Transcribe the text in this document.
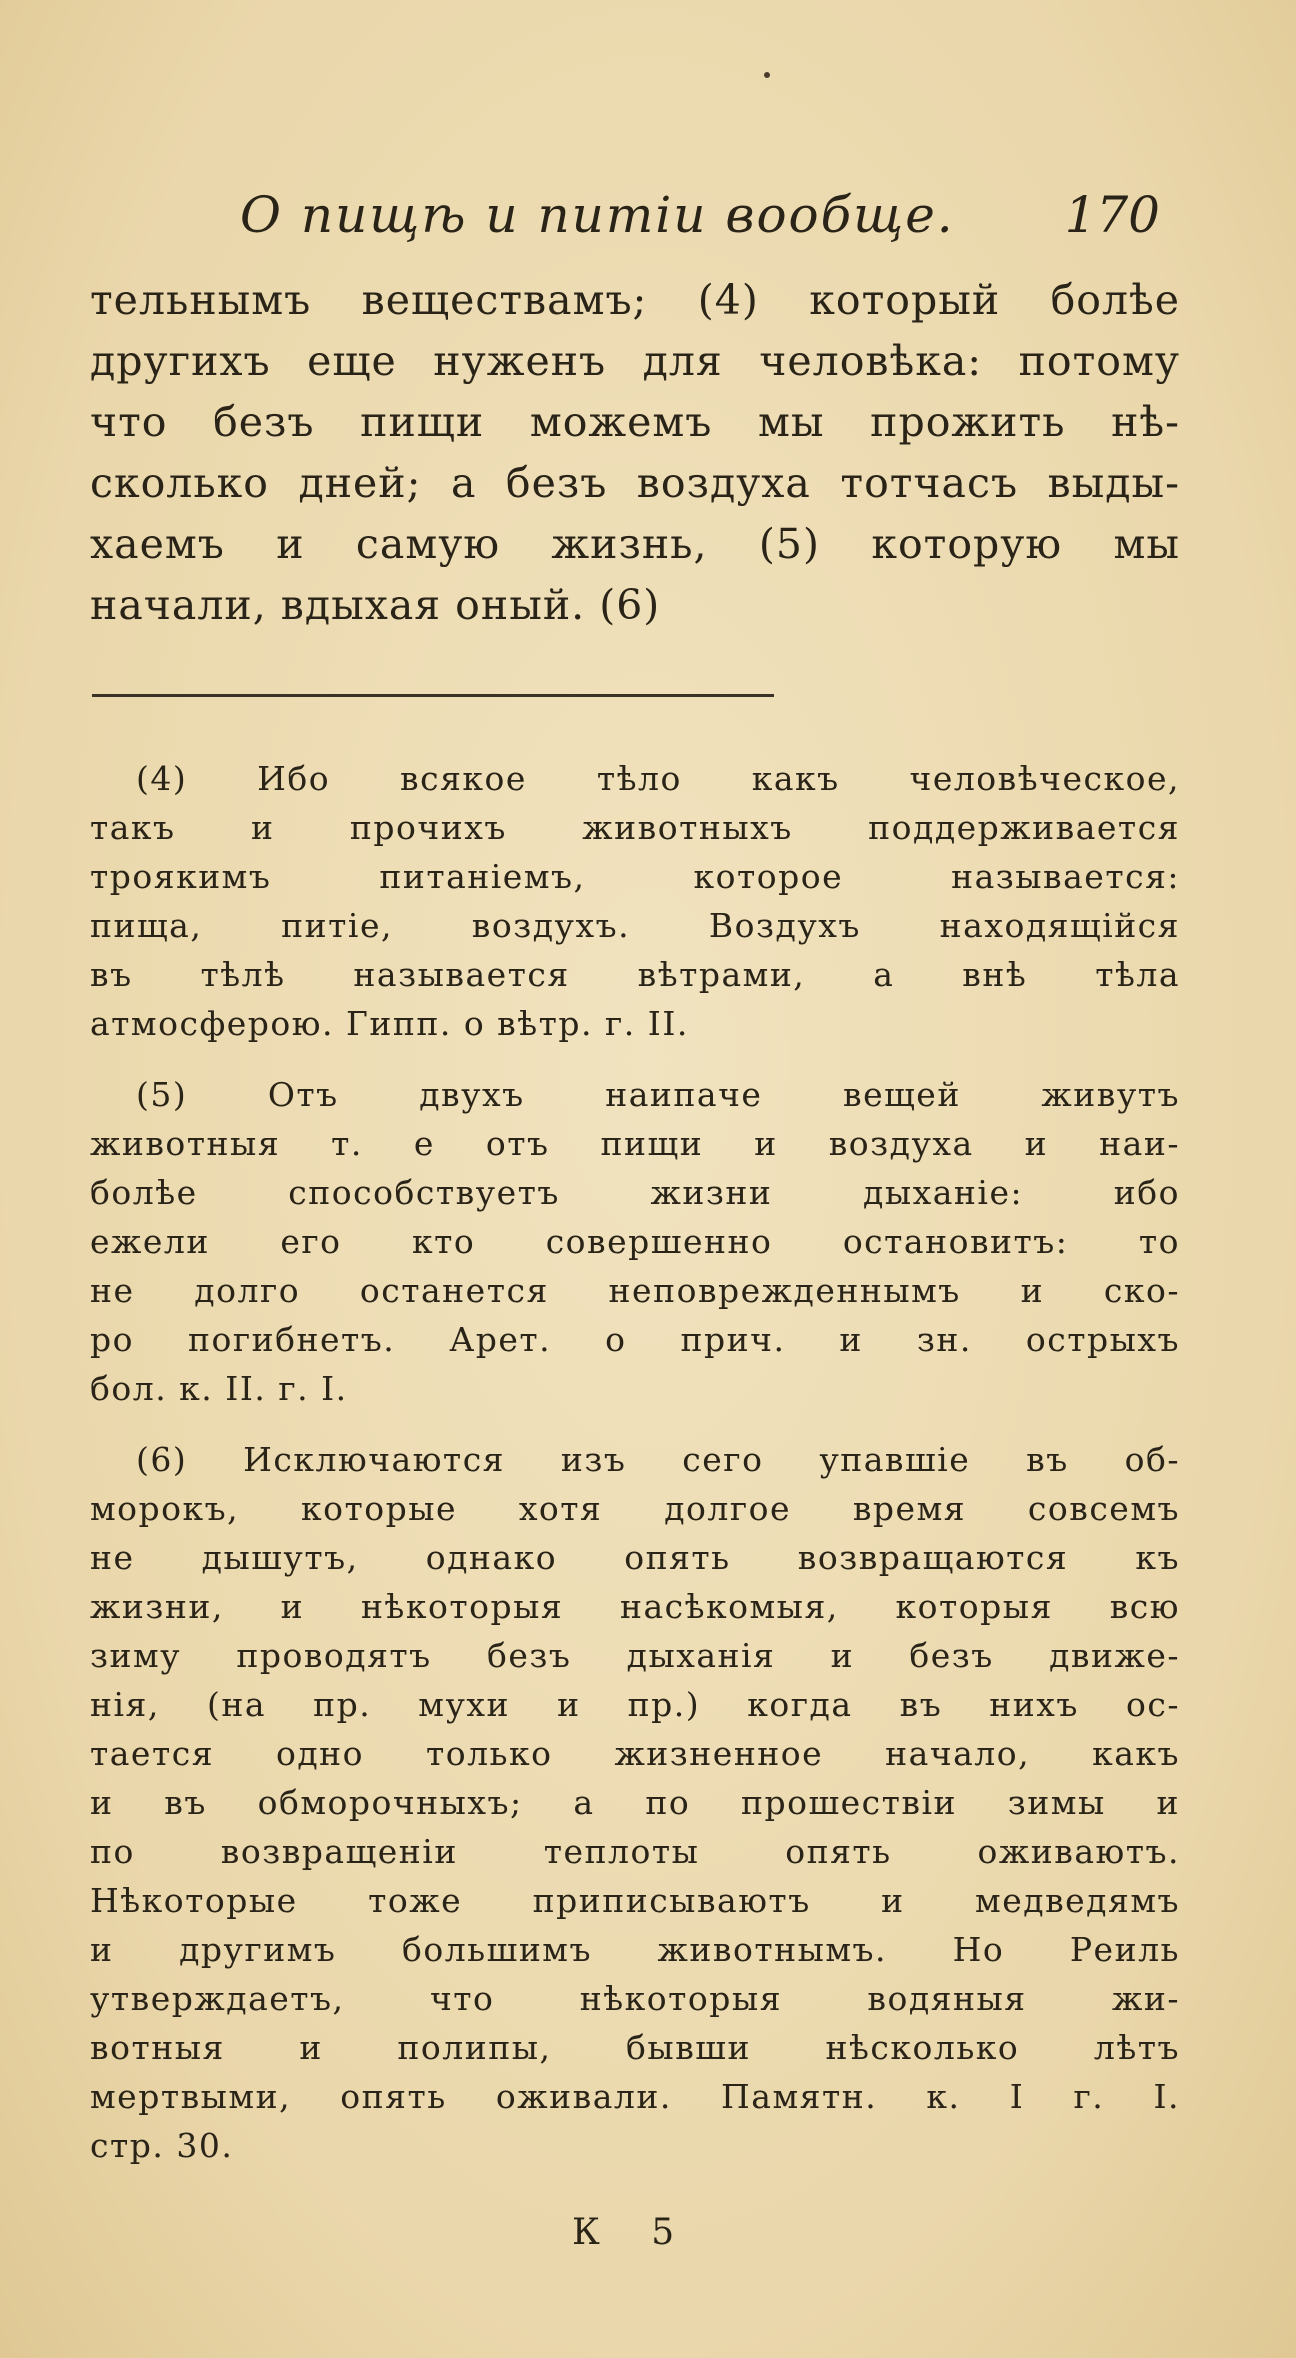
О пищѣ и питіи вообще. 170
тельнымъ веществамъ; (4) который болѣе
другихъ еще нуженъ для человѣка: потому
что безъ пищи можемъ мы прожить нѣ-
сколько дней; а безъ воздуха тотчасъ выды-
хаемъ и самую жизнь, (5) которую мы
начали, вдыхая оный. (6)
(4) Ибо всякое тѣло какъ человѣческое,
такъ и прочихъ животныхъ поддерживается
троякимъ питаніемъ, которое называется:
пища, питіе, воздухъ. Воздухъ находящійся
въ тѣлѣ называется вѣтрами, а внѣ тѣла
атмосферою. Гипп. о вѣтр. г. II.
(5) Отъ двухъ наипаче вещей живутъ
животныя т. е отъ пищи и воздуха и наи-
болѣе способствуетъ жизни дыханіе: ибо
ежели его кто совершенно остановитъ: то
не долго останется неповрежденнымъ и ско-
ро погибнетъ. Арет. о прич. и зн. острыхъ
бол. к. II. г. I.
(6) Исключаются изъ сего упавшіе въ об-
морокъ, которые хотя долгое время совсемъ
не дышутъ, однако опять возвращаются къ
жизни, и нѣкоторыя насѣкомыя, которыя всю
зиму проводятъ безъ дыханія и безъ движе-
нія, (на пр. мухи и пр.) когда въ нихъ ос-
тается одно только жизненное начало, какъ
и въ обморочныхъ; а по прошествіи зимы и
по возвращеніи теплоты опять оживаютъ.
Нѣкоторые тоже приписываютъ и медведямъ
и другимъ большимъ животнымъ. Но Реиль
утверждаетъ, что нѣкоторыя водяныя жи-
вотныя и полипы, бывши нѣсколько лѣтъ
мертвыми, опять оживали. Памятн. к. I г. I.
стр. 30.
К 5
